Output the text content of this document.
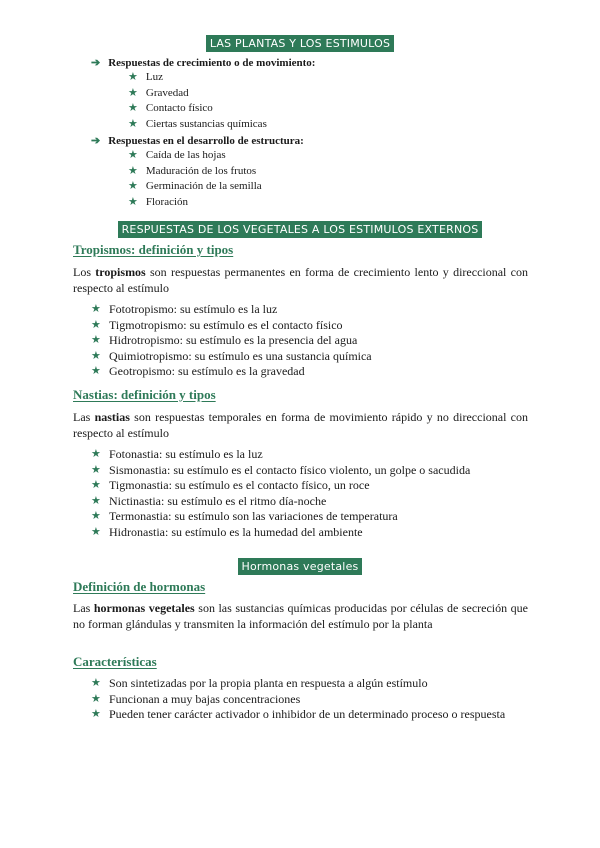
LAS PLANTAS Y LOS ESTIMULOS
➔ Respuestas de crecimiento o de movimiento:
★ Luz
★ Gravedad
★ Contacto físico
★ Ciertas sustancias químicas
➔ Respuestas en el desarrollo de estructura:
★ Caída de las hojas
★ Maduración de los frutos
★ Germinación de la semilla
★ Floración
RESPUESTAS DE LOS VEGETALES A LOS ESTIMULOS EXTERNOS
Tropismos: definición y tipos
Los tropismos son respuestas permanentes en forma de crecimiento lento y direccional con respecto al estímulo
★ Fototropismo: su estímulo es la luz
★ Tigmotropismo: su estímulo es el contacto físico
★ Hidrotropismo: su estímulo es la presencia del agua
★ Quimiotropismo: su estímulo es una sustancia química
★ Geotropismo: su estímulo es la gravedad
Nastias: definición y tipos
Las nastias son respuestas temporales en forma de movimiento rápido y no direccional con respecto al estímulo
★ Fotonastia: su estímulo es la luz
★ Sismonastia: su estímulo es el contacto físico violento, un golpe o sacudida
★ Tigmonastia: su estímulo es el contacto físico, un roce
★ Nictinastia: su estímulo es el ritmo día-noche
★ Termonastia: su estímulo son las variaciones de temperatura
★ Hidronastia: su estímulo es la humedad del ambiente
Hormonas vegetales
Definición de hormonas
Las hormonas vegetales son las sustancias químicas producidas por células de secreción que no forman glándulas y transmiten la información del estímulo por la planta
Características
★ Son sintetizadas por la propia planta en respuesta a algún estímulo
★ Funcionan a muy bajas concentraciones
★ Pueden tener carácter activador o inhibidor de un determinado proceso o respuesta
